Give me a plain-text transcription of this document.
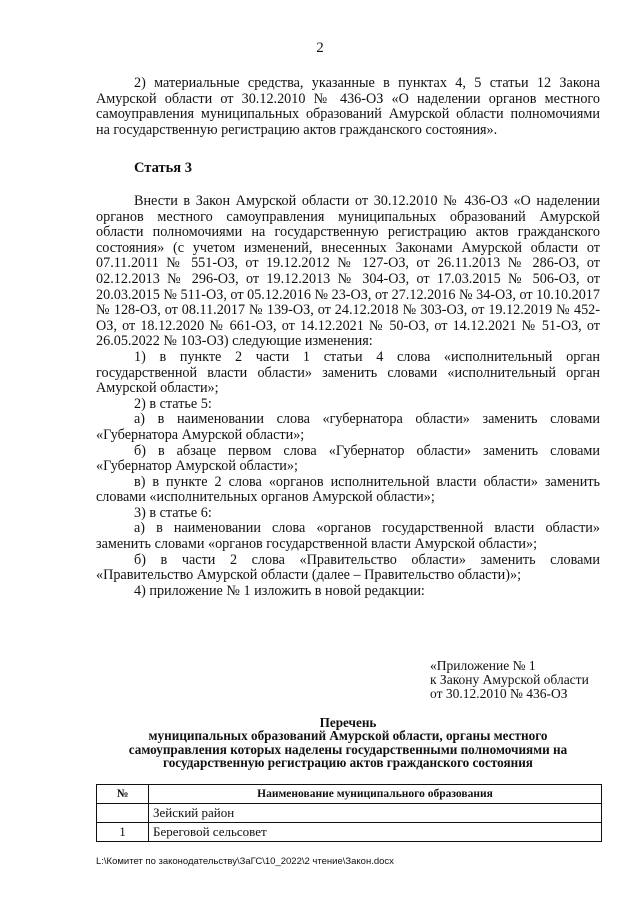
2

2) материальные средства, указанные в пунктах 4, 5 статьи 12 Закона Амурской области от 30.12.2010 № 436-ОЗ «О наделении органов местного самоуправления муниципальных образований Амурской области полномочиями на государственную регистрацию актов гражданского состояния».

Статья 3

Внести в Закон Амурской области от 30.12.2010 № 436-ОЗ «О наделении органов местного самоуправления муниципальных образований Амурской области полномочиями на государственную регистрацию актов гражданского состояния» (с учетом изменений, внесенных Законами Амурской области от 07.11.2011 № 551-ОЗ, от 19.12.2012 № 127-ОЗ, от 26.11.2013 № 286-ОЗ, от 02.12.2013 № 296-ОЗ, от 19.12.2013 № 304-ОЗ, от 17.03.2015 № 506-ОЗ, от 20.03.2015 № 511-ОЗ, от 05.12.2016 № 23-ОЗ, от 27.12.2016 № 34-ОЗ, от 10.10.2017 № 128-ОЗ, от 08.11.2017 № 139-ОЗ, от 24.12.2018 № 303-ОЗ, от 19.12.2019 № 452-ОЗ, от 18.12.2020 № 661-ОЗ, от 14.12.2021 № 50-ОЗ, от 14.12.2021 № 51-ОЗ, от 26.05.2022 № 103-ОЗ) следующие изменения:

1) в пункте 2 части 1 статьи 4 слова «исполнительный орган государственной власти области» заменить словами «исполнительный орган Амурской области»;

2) в статье 5:

а) в наименовании слова «губернатора области» заменить словами «Губернатора Амурской области»;

б) в абзаце первом слова «Губернатор области» заменить словами «Губернатор Амурской области»;

в) в пункте 2 слова «органов исполнительной власти области» заменить словами «исполнительных органов Амурской области»;

3) в статье 6:

а) в наименовании слова «органов государственной власти области» заменить словами «органов государственной власти Амурской области»;

б) в части 2 слова «Правительство области» заменить словами «Правительство Амурской области (далее – Правительство области)»;

4) приложение № 1 изложить в новой редакции:

«Приложение № 1
к Закону Амурской области
от 30.12.2010 № 436-ОЗ
Перечень
муниципальных образований Амурской области, органы местного
самоуправления которых наделены государственными полномочиями на
государственную регистрацию актов гражданского состояния
№	Наименование муниципального образования
	Зейский район
1	Береговой сельсовет
L:\Комитет по законодательству\ЗаГС\10_2022\2 чтение\Закон.docx
